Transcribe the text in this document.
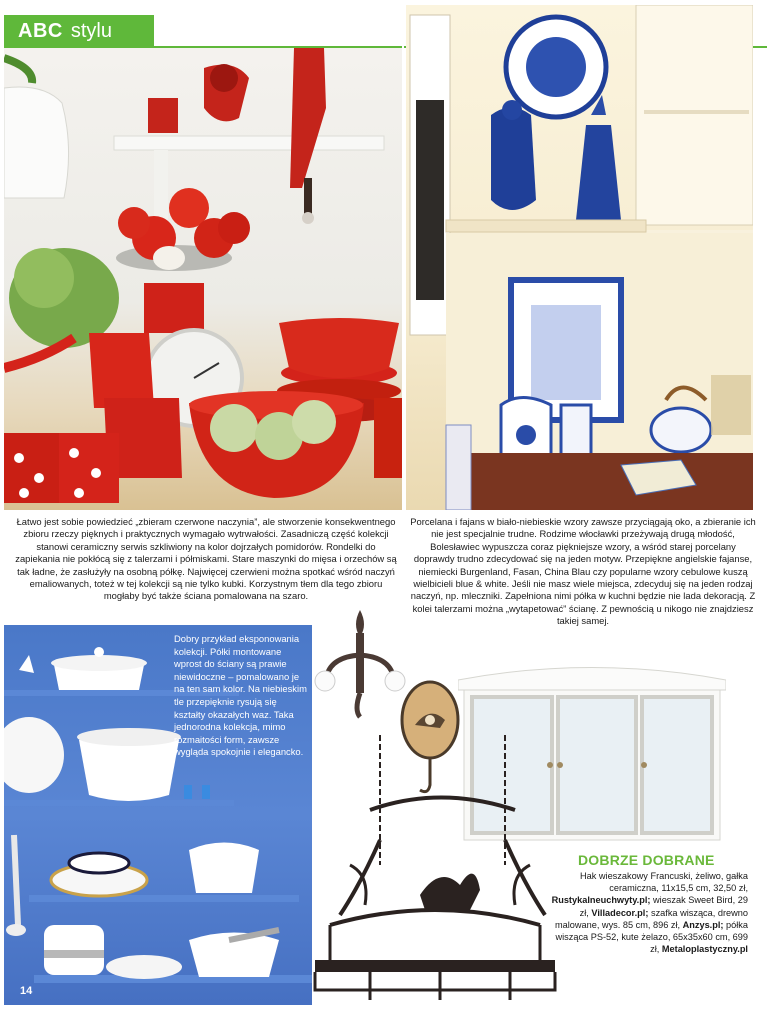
ABC stylu

Łatwo jest sobie powiedzieć „zbieram czerwone naczynia”, ale stworzenie konsekwentnego zbioru rzeczy pięknych i praktycznych wymagało wytrwałości. Zasadniczą część kolekcji stanowi ceramiczny serwis szkliwiony na kolor dojrzałych pomidorów. Rondelki do zapiekania nie pokłócą się z talerzami i półmiskami. Stare maszynki do mięsa i orzechów są tak ładne, że zasłużyły na osobną półkę. Najwięcej czerwieni można spotkać wśród naczyń emaliowanych, toteż w tej kolekcji są nie tylko kubki. Korzystnym tłem dla tego zbioru mogłaby być także ściana pomalowana na szaro.

Porcelana i fajans w biało-niebieskie wzory zawsze przyciągają oko, a zbieranie ich nie jest specjalnie trudne. Rodzime włocławki przeżywają drugą młodość, Bolesławiec wypuszcza coraz piękniejsze wzory, a wśród starej porcelany doprawdy trudno zdecydować się na jeden motyw. Przepiękne angielskie fajanse, niemiecki Burgenland, Fasan, China Blau czy popularne wzory cebulowe kuszą wielbicieli blue & white. Jeśli nie masz wiele miejsca, zdecyduj się na jeden rodzaj naczyń, np. mleczniki. Zapełniona nimi półka w kuchni będzie nie lada dekoracją. Z kolei talerzami można „wytapetować” ścianę. Z pewnością u nikogo nie znajdziesz takiej samej.

Dobry przykład eksponowania kolekcji. Półki montowane wprost do ściany są prawie niewidoczne – pomalowano je na ten sam kolor. Na niebieskim tle przepięknie rysują się kształty okazałych waz. Taka jednorodna kolekcja, mimo rozmaitości form, zawsze wygląda spokojnie i elegancko.
14
DOBRZE DOBRANE
Hak wieszakowy Francuski, żeliwo, gałka ceramiczna, 11x15,5 cm, 32,50 zł, Rustykalneuchwyty.pl; wieszak Sweet Bird, 29 zł, Villadecor.pl; szafka wisząca, drewno malowane, wys. 85 cm, 896 zł, Anzys.pl; półka wisząca PS-52, kute żelazo, 65x35x60 cm, 699 zł, Metaloplastyczny.pl
